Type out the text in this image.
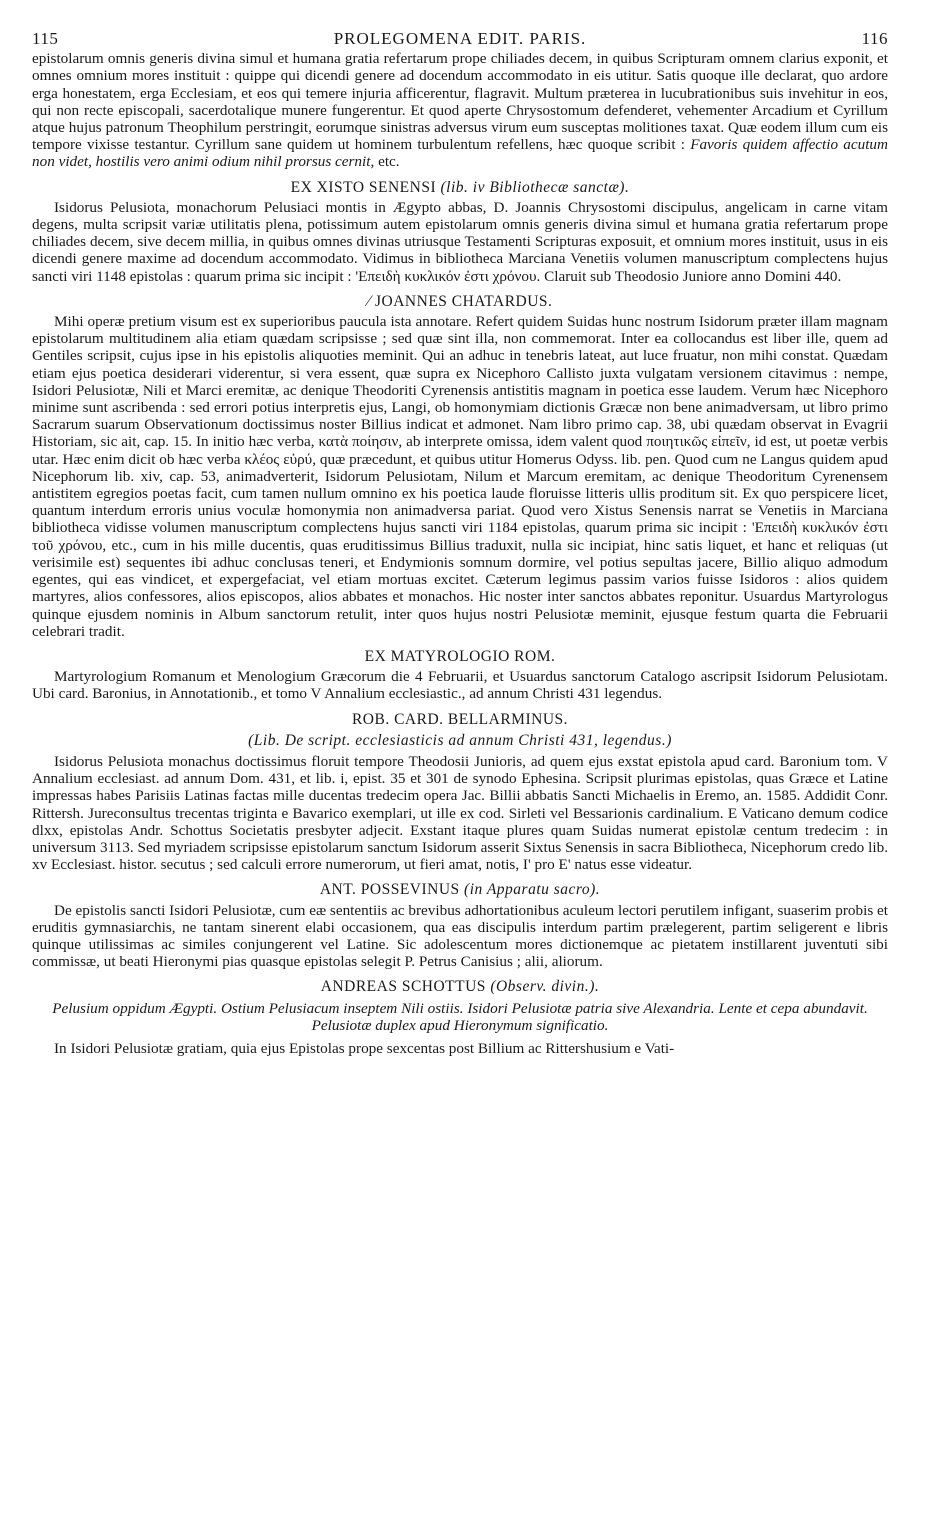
115	PROLEGOMENA EDIT. PARIS.	116

epistolarum omnis generis divina simul et humana gratia refertarum prope chiliades decem, in quibus Scripturam omnem clarius exponit, et omnes omnium mores instituit : quippe qui dicendi genere ad docendum accommodato in eis utitur. Satis quoque ille declarat, quo ardore erga honestatem, erga Ecclesiam, et eos qui temere injuria afficerentur, flagravit. Multum præterea in lucubrationibus suis invehitur in eos, qui non recte episcopali, sacerdotalique munere fungerentur. Et quod aperte Chrysostomum defenderet, vehementer Arcadium et Cyrillum atque hujus patronum Theophilum perstringit, eorumque sinistras adversus virum eum susceptas molitiones taxat. Quæ eodem illum cum eis tempore vixisse testantur. Cyrillum sane quidem ut hominem turbulentum refellens, hæc quoque scribit : Favoris quidem affectio acutum non videt, hostilis vero animi odium nihil prorsus cernit, etc.

EX XISTO SENENSI (lib. iv Bibliothecæ sanctæ).

Isidorus Pelusiota, monachorum Pelusiaci montis in Ægypto abbas, D. Joannis Chrysostomi discipulus, angelicam in carne vitam degens, multa scripsit variæ utilitatis plena, potissimum autem epistolarum omnis generis divina simul et humana gratia refertarum prope chiliades decem, sive decem millia, in quibus omnes divinas utriusque Testamenti Scripturas exposuit, et omnium mores instituit, usus in eis dicendi genere maxime ad docendum accommodato. Vidimus in bibliotheca Marciana Venetiis volumen manuscriptum complectens hujus sancti viri 1148 epistolas : quarum prima sic incipit : 'Επειδὴ κυκλικόν ἐστι χρόνου. Claruit sub Theodosio Juniore anno Domini 440.

⁄ JOANNES CHATARDUS.

Mihi operæ pretium visum est ex superioribus paucula ista annotare. Refert quidem Suidas hunc nostrum Isidorum præter illam magnam epistolarum multitudinem alia etiam quædam scripsisse ; sed quæ sint illa, non commemorat. Inter ea collocandus est liber ille, quem ad Gentiles scripsit, cujus ipse in his epistolis aliquoties meminit. Qui an adhuc in tenebris lateat, aut luce fruatur, non mihi constat. Quædam etiam ejus poetica desiderari viderentur, si vera essent, quæ supra ex Nicephoro Callisto juxta vulgatam versionem citavimus : nempe, Isidori Pelusiotæ, Nili et Marci eremitæ, ac denique Theodoriti Cyrenensis antistitis magnam in poetica esse laudem. Verum hæc Nicephoro minime sunt ascribenda : sed errori potius interpretis ejus, Langi, ob homonymiam dictionis Græcæ non bene animadversam, ut libro primo Sacrarum suarum Observationum doctissimus noster Billius indicat et admonet. Nam libro primo cap. 38, ubi quædam observat in Evagrii Historiam, sic ait, cap. 15. In initio hæc verba, κατὰ ποίησιν, ab interprete omissa, idem valent quod ποιητικῶς εἰπεῖν, id est, ut poetæ verbis utar. Hæc enim dicit ob hæc verba κλέος εὐρύ, quæ præcedunt, et quibus utitur Homerus Odyss. lib. pen. Quod cum ne Langus quidem apud Nicephorum lib. xiv, cap. 53, animadverterit, Isidorum Pelusiotam, Nilum et Marcum eremitam, ac denique Theodoritum Cyrenensem antistitem egregios poetas facit, cum tamen nullum omnino ex his poetica laude floruisse litteris ullis proditum sit. Ex quo perspicere licet, quantum interdum erroris unius voculæ homonymia non animadversa pariat. Quod vero Xistus Senensis narrat se Venetiis in Marciana bibliotheca vidisse volumen manuscriptum complectens hujus sancti viri 1184 epistolas, quarum prima sic incipit : 'Επειδὴ κυκλικόν ἐστι τοῦ χρόνου, etc., cum in his mille ducentis, quas eruditissimus Billius traduxit, nulla sic incipiat, hinc satis liquet, et hanc et reliquas (ut verisimile est) sequentes ibi adhuc conclusas teneri, et Endymionis somnum dormire, vel potius sepultas jacere, Billio aliquo admodum egentes, qui eas vindicet, et expergefaciat, vel etiam mortuas excitet. Cæterum legimus passim varios fuisse Isidoros : alios quidem martyres, alios confessores, alios episcopos, alios abbates et monachos. Hic noster inter sanctos abbates reponitur. Usuardus Martyrologus quinque ejusdem nominis in Album sanctorum retulit, inter quos hujus nostri Pelusiotæ meminit, ejusque festum quarta die Februarii celebrari tradit.

EX MATYROLOGIO ROM.

Martyrologium Romanum et Menologium Græcorum die 4 Februarii, et Usuardus sanctorum Catalogo ascripsit Isidorum Pelusiotam. Ubi card. Baronius, in Annotationib., et tomo V Annalium ecclesiastic., ad annum Christi 431 legendus.

ROB. CARD. BELLARMINUS.
(Lib. De script. ecclesiasticis ad annum Christi 431, legendus.)

Isidorus Pelusiota monachus doctissimus floruit tempore Theodosii Junioris, ad quem ejus exstat epistola apud card. Baronium tom. V Annalium ecclesiast. ad annum Dom. 431, et lib. i, epist. 35 et 301 de synodo Ephesina. Scripsit plurimas epistolas, quas Græce et Latine impressas habes Parisiis Latinas factas mille ducentas tredecim opera Jac. Billii abbatis Sancti Michaelis in Eremo, an. 1585. Addidit Conr. Rittersh. Jureconsultus trecentas triginta e Bavarico exemplari, ut ille ex cod. Sirleti vel Bessarionis cardinalium. E Vaticano demum codice dlxx, epistolas Andr. Schottus Societatis presbyter adjecit. Exstant itaque plures quam Suidas numerat epistolæ centum tredecim : in universum 3113. Sed myriadem scripsisse epistolarum sanctum Isidorum asserit Sixtus Senensis in sacra Bibliotheca, Nicephorum credo lib. xv Ecclesiast. histor. secutus ; sed calculi errore numerorum, ut fieri amat, notis, I' pro E' natus esse videatur.

ANT. POSSEVINUS (in Apparatu sacro).

De epistolis sancti Isidori Pelusiotæ, cum eæ sententiis ac brevibus adhortationibus aculeum lectori perutilem infigant, suaserim probis et eruditis gymnasiarchis, ne tantam sinerent elabi occasionem, qua eas discipulis interdum partim prælegerent, partim seligerent e libris quinque utilissimas ac similes conjungerent vel Latine. Sic adolescentum mores dictionemque ac pietatem instillarent juventuti sibi commissæ, ut beati Hieronymi pias quasque epistolas selegit P. Petrus Canisius ; alii, aliorum.

ANDREAS SCHOTTUS (Observ. divin.).
Pelusium oppidum Ægypti. Ostium Pelusiacum inseptem Nili ostiis. Isidori Pelusiotæ patria sive Alexandria. Lente et cepa abundavit. Pelusiotæ duplex apud Hieronymum significatio.

In Isidori Pelusiotæ gratiam, quia ejus Epistolas prope sexcentas post Billium ac Rittershusium e Vati-
